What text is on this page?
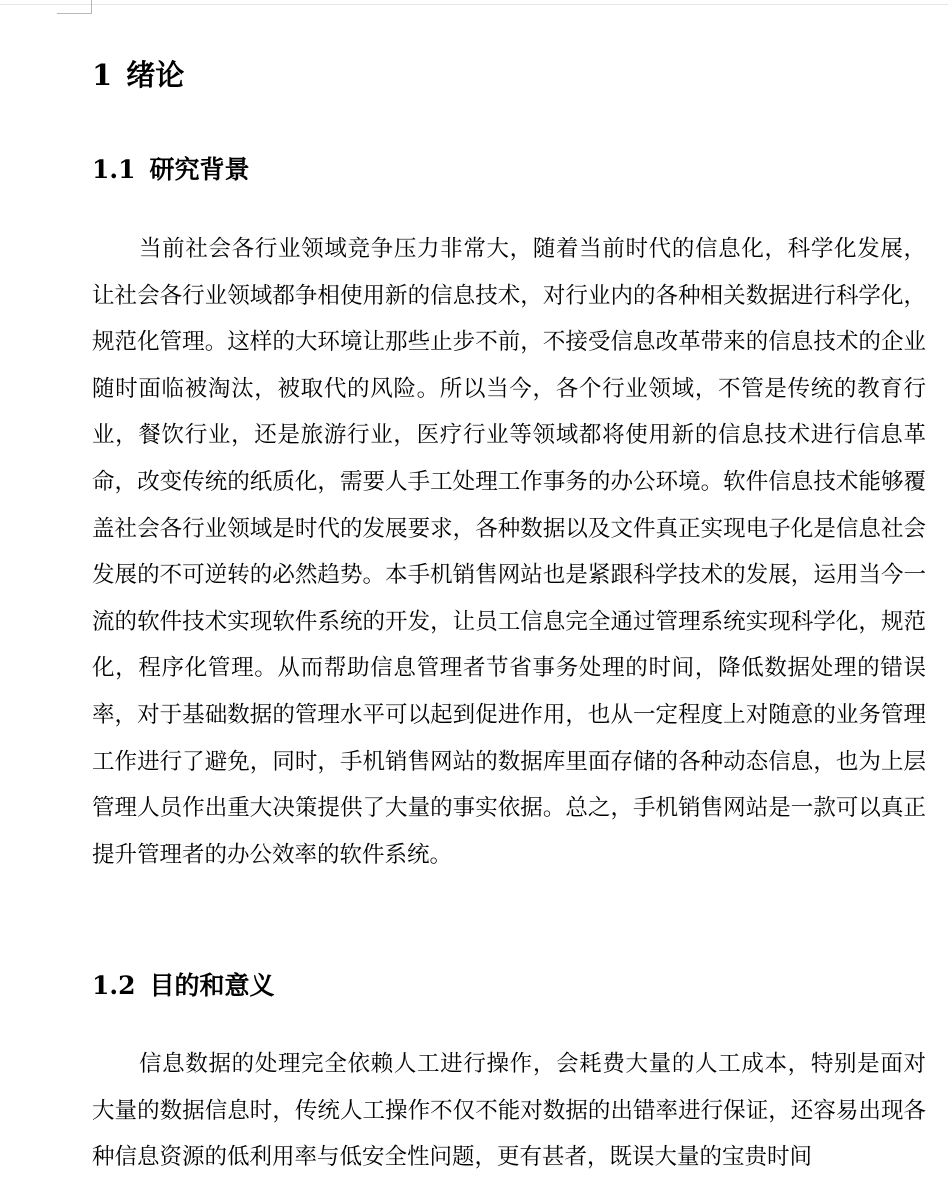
1 绪论
1.1 研究背景

当前社会各行业领域竞争压力非常大，随着当前时代的信息化，科学化发展，让社会各行业领域都争相使用新的信息技术，对行业内的各种相关数据进行科学化，规范化管理。这样的大环境让那些止步不前，不接受信息改革带来的信息技术的企业随时面临被淘汰，被取代的风险。所以当今，各个行业领域，不管是传统的教育行业，餐饮行业，还是旅游行业，医疗行业等领域都将使用新的信息技术进行信息革命，改变传统的纸质化，需要人手工处理工作事务的办公环境。软件信息技术能够覆盖社会各行业领域是时代的发展要求，各种数据以及文件真正实现电子化是信息社会发展的不可逆转的必然趋势。本手机销售网站也是紧跟科学技术的发展，运用当今一流的软件技术实现软件系统的开发，让员工信息完全通过管理系统实现科学化，规范化，程序化管理。从而帮助信息管理者节省事务处理的时间，降低数据处理的错误率，对于基础数据的管理水平可以起到促进作用，也从一定程度上对随意的业务管理工作进行了避免，同时，手机销售网站的数据库里面存储的各种动态信息，也为上层管理人员作出重大决策提供了大量的事实依据。总之，手机销售网站是一款可以真正提升管理者的办公效率的软件系统。

1.2 目的和意义

信息数据的处理完全依赖人工进行操作，会耗费大量的人工成本，特别是面对大量的数据信息时，传统人工操作不仅不能对数据的出错率进行保证，还容易出现各种信息资源的低利用率与低安全性问题，更有甚者，既误大量的宝贵时间
